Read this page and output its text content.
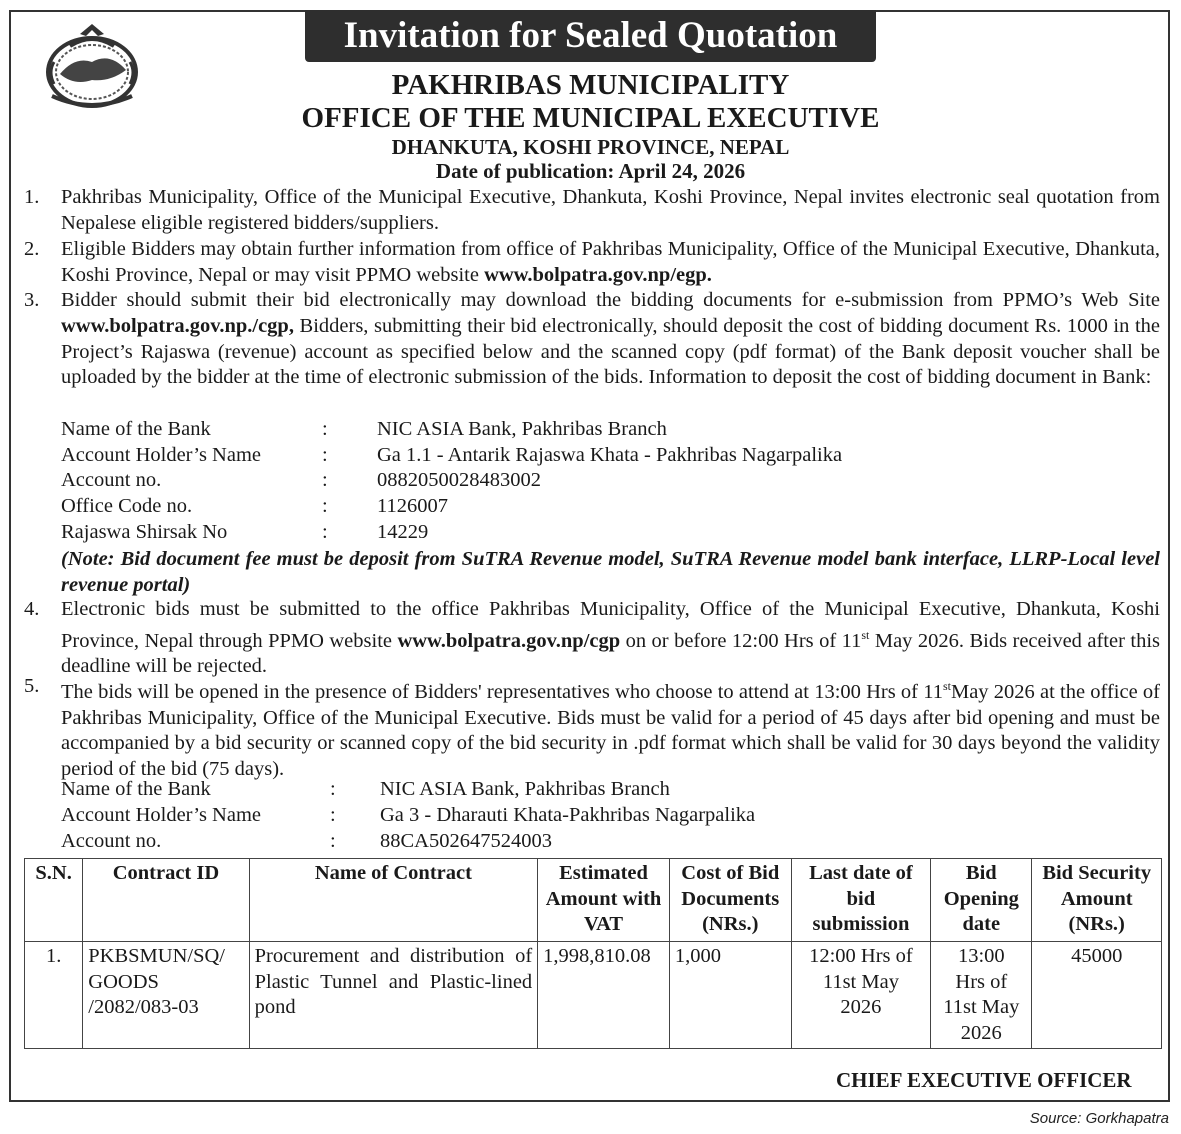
Invitation for Sealed Quotation
PAKHRIBAS MUNICIPALITY
OFFICE OF THE MUNICIPAL EXECUTIVE
DHANKUTA, KOSHI PROVINCE, NEPAL
Date of publication: April 24, 2026
1. Pakhribas Municipality, Office of the Municipal Executive, Dhankuta, Koshi Province, Nepal invites electronic seal quotation from Nepalese eligible registered bidders/suppliers.
2. Eligible Bidders may obtain further information from office of Pakhribas Municipality, Office of the Municipal Executive, Dhankuta, Koshi Province, Nepal or may visit PPMO website www.bolpatra.gov.np/egp.
3. Bidder should submit their bid electronically may download the bidding documents for e-submission from PPMO’s Web Site www.bolpatra.gov.np./cgp, Bidders, submitting their bid electronically, should deposit the cost of bidding document Rs. 1000 in the Project’s Rajaswa (revenue) account as specified below and the scanned copy (pdf format) of the Bank deposit voucher shall be uploaded by the bidder at the time of electronic submission of the bids. Information to deposit the cost of bidding document in Bank:
Name of the Bank	: NIC ASIA Bank, Pakhribas Branch
Account Holder’s Name	: Ga 1.1 - Antarik Rajaswa Khata - Pakhribas Nagarpalika
Account no.	: 0882050028483002
Office Code no.	: 1126007
Rajaswa Shirsak No	: 14229
(Note: Bid document fee must be deposit from SuTRA Revenue model, SuTRA Revenue model bank interface, LLRP-Local level revenue portal)
4. Electronic bids must be submitted to the office Pakhribas Municipality, Office of the Municipal Executive, Dhankuta, Koshi Province, Nepal through PPMO website www.bolpatra.gov.np/cgp on or before 12:00 Hrs of 11st May 2026. Bids received after this deadline will be rejected.
5. The bids will be opened in the presence of Bidders' representatives who choose to attend at 13:00 Hrs of 11stMay 2026 at the office of Pakhribas Municipality, Office of the Municipal Executive. Bids must be valid for a period of 45 days after bid opening and must be accompanied by a bid security or scanned copy of the bid security in .pdf format which shall be valid for 30 days beyond the validity period of the bid (75 days).
Name of the Bank	: NIC ASIA Bank, Pakhribas Branch
Account Holder’s Name	: Ga 3 - Dharauti Khata-Pakhribas Nagarpalika
Account no.	: 88CA502647524003
S.N.	Contract ID	Name of Contract	Estimated Amount with VAT	Cost of Bid Documents (NRs.)	Last date of bid submission	Bid Opening date	Bid Security Amount (NRs.)
1.	PKBSMUN/SQ/ GOODS /2082/083-03	Procurement and distribution of Plastic Tunnel and Plastic-lined pond	1,998,810.08	1,000	12:00 Hrs of 11st May 2026	13:00 Hrs of 11st May 2026	45000
CHIEF EXECUTIVE OFFICER
Source: Gorkhapatra
